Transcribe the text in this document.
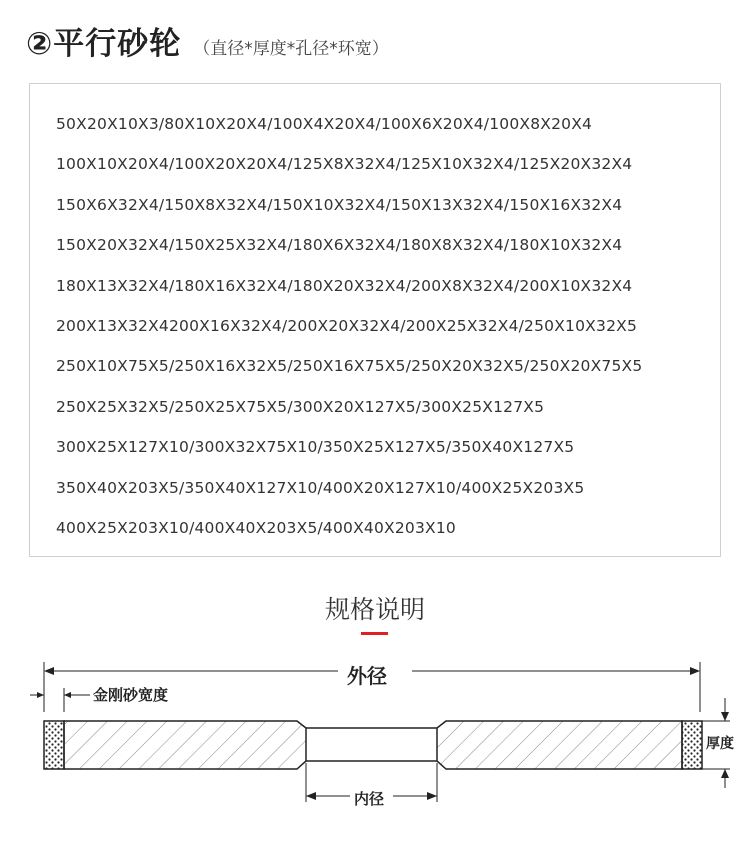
②平行砂轮 （直径*厚度*孔径*环宽）
50X20X10X3/80X10X20X4/100X4X20X4/100X6X20X4/100X8X20X4
100X10X20X4/100X20X20X4/125X8X32X4/125X10X32X4/125X20X32X4
150X6X32X4/150X8X32X4/150X10X32X4/150X13X32X4/150X16X32X4
150X20X32X4/150X25X32X4/180X6X32X4/180X8X32X4/180X10X32X4
180X13X32X4/180X16X32X4/180X20X32X4/200X8X32X4/200X10X32X4
200X13X32X4200X16X32X4/200X20X32X4/200X25X32X4/250X10X32X5
250X10X75X5/250X16X32X5/250X16X75X5/250X20X32X5/250X20X75X5
250X25X32X5/250X25X75X5/300X20X127X5/300X25X127X5
300X25X127X10/300X32X75X10/350X25X127X5/350X40X127X5
350X40X203X5/350X40X127X10/400X20X127X10/400X25X203X5
400X25X203X10/400X40X203X5/400X40X203X10
规格说明
外径
金刚砂宽度
厚度
内径
